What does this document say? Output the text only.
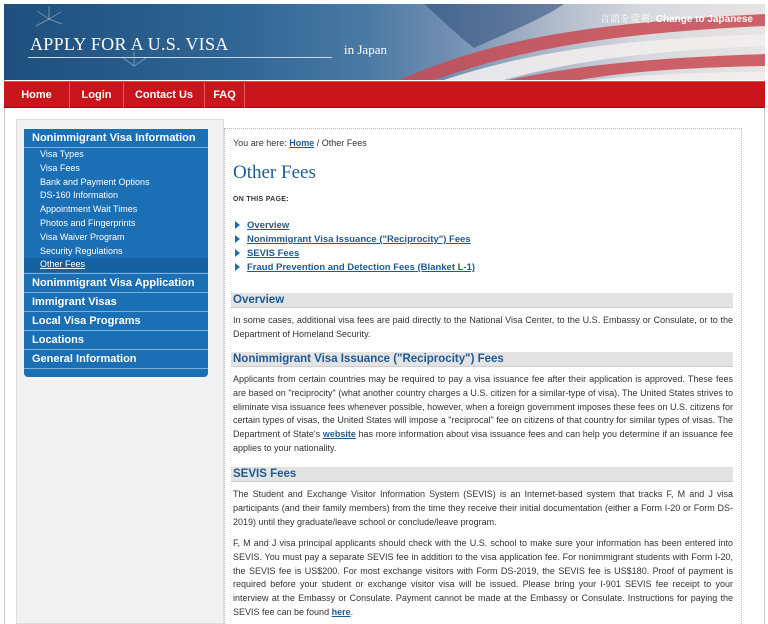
APPLY FOR A U.S. VISA	in Japan
言語を変更: Change to Japanese
Home	Login	Contact Us	FAQ
Nonimmigrant Visa Information
Visa Types
Visa Fees
Bank and Payment Options
DS-160 Information
Appointment Wait Times
Photos and Fingerprints
Visa Waiver Program
Security Regulations
Other Fees
Nonimmigrant Visa Application
Immigrant Visas
Local Visa Programs
Locations
General Information
You are here: Home / Other Fees
Other Fees
ON THIS PAGE:
Overview
Nonimmigrant Visa Issuance ("Reciprocity") Fees
SEVIS Fees
Fraud Prevention and Detection Fees (Blanket L-1)
Overview
In some cases, additional visa fees are paid directly to the National Visa Center, to the U.S. Embassy or Consulate, or to the Department of Homeland Security.
Nonimmigrant Visa Issuance ("Reciprocity") Fees
Applicants from certain countries may be required to pay a visa issuance fee after their application is approved. These fees are based on "reciprocity" (what another country charges a U.S. citizen for a similar-type of visa). The United States strives to eliminate visa issuance fees whenever possible, however, when a foreign government imposes these fees on U.S. citizens for certain types of visas, the United States will impose a "reciprocal" fee on citizens of that country for similar types of visas. The Department of State's website has more information about visa issuance fees and can help you determine if an issuance fee applies to your nationality.
SEVIS Fees
The Student and Exchange Visitor Information System (SEVIS) is an Internet-based system that tracks F, M and J visa participants (and their family members) from the time they receive their initial documentation (either a Form I-20 or Form DS-2019) until they graduate/leave school or conclude/leave program.
F, M and J visa principal applicants should check with the U.S. school to make sure your information has been entered into SEVIS. You must pay a separate SEVIS fee in addition to the visa application fee. For nonimmigrant students with Form I-20, the SEVIS fee is US$200. For most exchange visitors with Form DS-2019, the SEVIS fee is US$180. Proof of payment is required before your student or exchange visitor visa will be issued. Please bring your I-901 SEVIS fee receipt to your interview at the Embassy or Consulate. Payment cannot be made at the Embassy or Consulate. Instructions for paying the SEVIS fee can be found here.
